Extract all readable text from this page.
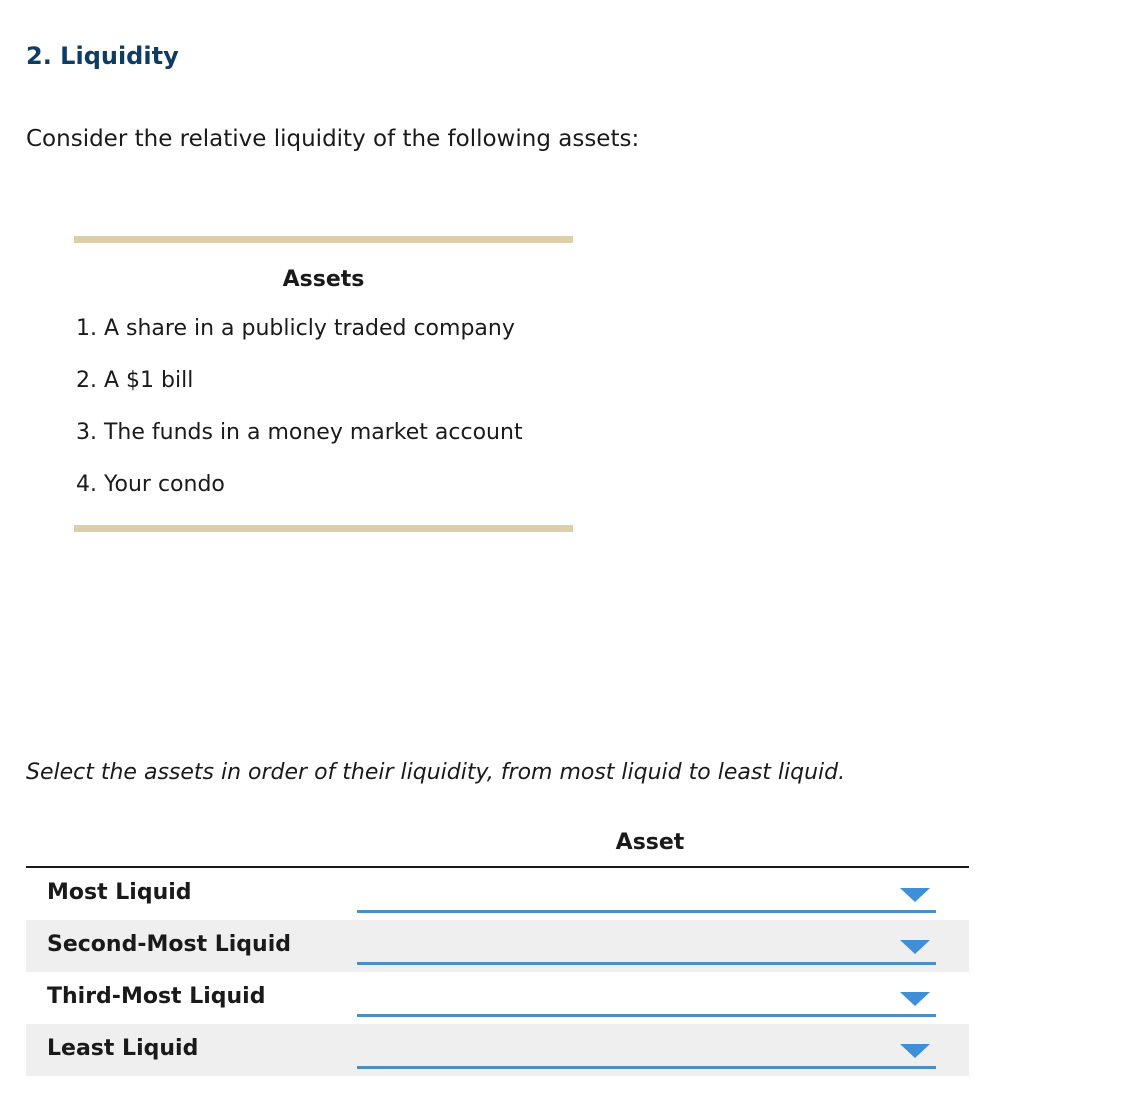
2. Liquidity

Consider the relative liquidity of the following assets:

Assets
1. A share in a publicly traded company
2. A $1 bill
3. The funds in a money market account
4. Your condo

Select the assets in order of their liquidity, from most liquid to least liquid.

Asset
Most Liquid
Second-Most Liquid
Third-Most Liquid
Least Liquid
